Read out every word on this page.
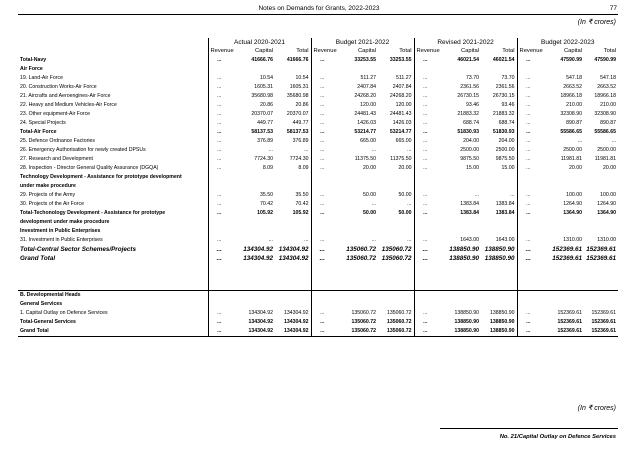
Notes on Demands for Grants, 2022-2023	77
(In ₹ crores)
	Actual 2020-2021			Budget 2021-2022			Revised 2021-2022			Budget 2022-2023		
	Revenue	Capital	Total	Revenue	Capital	Total	Revenue	Capital	Total	Revenue	Capital	Total
Total-Navy	...	41666.76	41666.76	...	33253.55	33253.55	...	46021.54	46021.54	...	47590.99	47590.99
Air Force												
19. Land-Air Force	...	10.54	10.54	...	511.27	511.27	...	73.70	73.70	...	547.18	547.18
20. Construction Works-Air Force	...	1605.31	1605.31	...	2407.84	2407.84	...	2361.56	2361.56	...	2663.52	2663.52
21. Aircrafts and Aeroengines-Air Force	...	35680.98	35680.98	...	24268.20	24268.20	...	26730.15	26730.15	...	18966.18	18966.18
22. Heavy and Medium Vehicles-Air Force	...	20.86	20.86	...	120.00	120.00	...	93.46	93.46	...	210.00	210.00
23. Other equipment-Air Force	...	20370.07	20370.07	...	24481.43	24481.43	...	21883.32	21883.32	...	32308.90	32308.90
24. Special Projects	...	449.77	449.77	...	1426.03	1426.03	...	688.74	688.74	...	890.87	890.87
Total-Air Force	...	58137.53	58137.53	...	53214.77	53214.77	...	51830.93	51830.93	...	55586.65	55586.65
25. Defence Ordnance Factories	...	376.89	376.89	...	665.00	665.00	...	204.00	204.00	...	...	...
26. Emergency Authorisation for newly created DPSUs	...	...	...	...	...	...	...	2500.00	2500.00	...	2500.00	2500.00
27. Research and Development	...	7724.30	7724.30	...	11375.50	11375.50	...	9875.50	9875.50	...	11981.81	11981.81
28. Inspection - Director General Quality Assurance (DGQA)	...	8.09	8.09	...	20.00	20.00	...	15.00	15.00	...	20.00	20.00
Technology Development - Assistance for prototype development												
under make procedure												
29. Projects of the Army	...	35.50	35.50	...	50.00	50.00	...	...	...	...	100.00	100.00
30. Projects of the Air Force	...	70.42	70.42	...	...	...	...	1383.84	1383.84	...	1264.90	1264.90
Total-Techonology Development - Assistance for prototype	...	105.92	105.92	...	50.00	50.00	...	1383.84	1383.84	...	1364.90	1364.90
development under make procedure												
Investment in Public Enterprises												
31. Investment in Public Enterprises	...	...	...	...	...	...	...	1643.00	1643.00	...	1310.00	1310.00
Total-Central Sector Schemes/Projects	...	134304.92	134304.92	...	135060.72	135060.72	...	138850.90	138850.90	...	152369.61	152369.61
Grand Total	...	134304.92	134304.92	...	135060.72	135060.72	...	138850.90	138850.90	...	152369.61	152369.61

B. Developmental Heads												
General Services												
1. Capital Outlay on Defence Services	...	134304.92	134304.92	...	135060.72	135060.72	...	138850.90	138850.90	...	152369.61	152369.61
Total-General Services	...	134304.92	134304.92	...	135060.72	135060.72	...	138850.90	138850.90	...	152369.61	152369.61
Grand Total	...	134304.92	134304.92	...	135060.72	135060.72	...	138850.90	138850.90	...	152369.61	152369.61
(In ₹ crores)
No. 21/Capital Outlay on Defence Services
